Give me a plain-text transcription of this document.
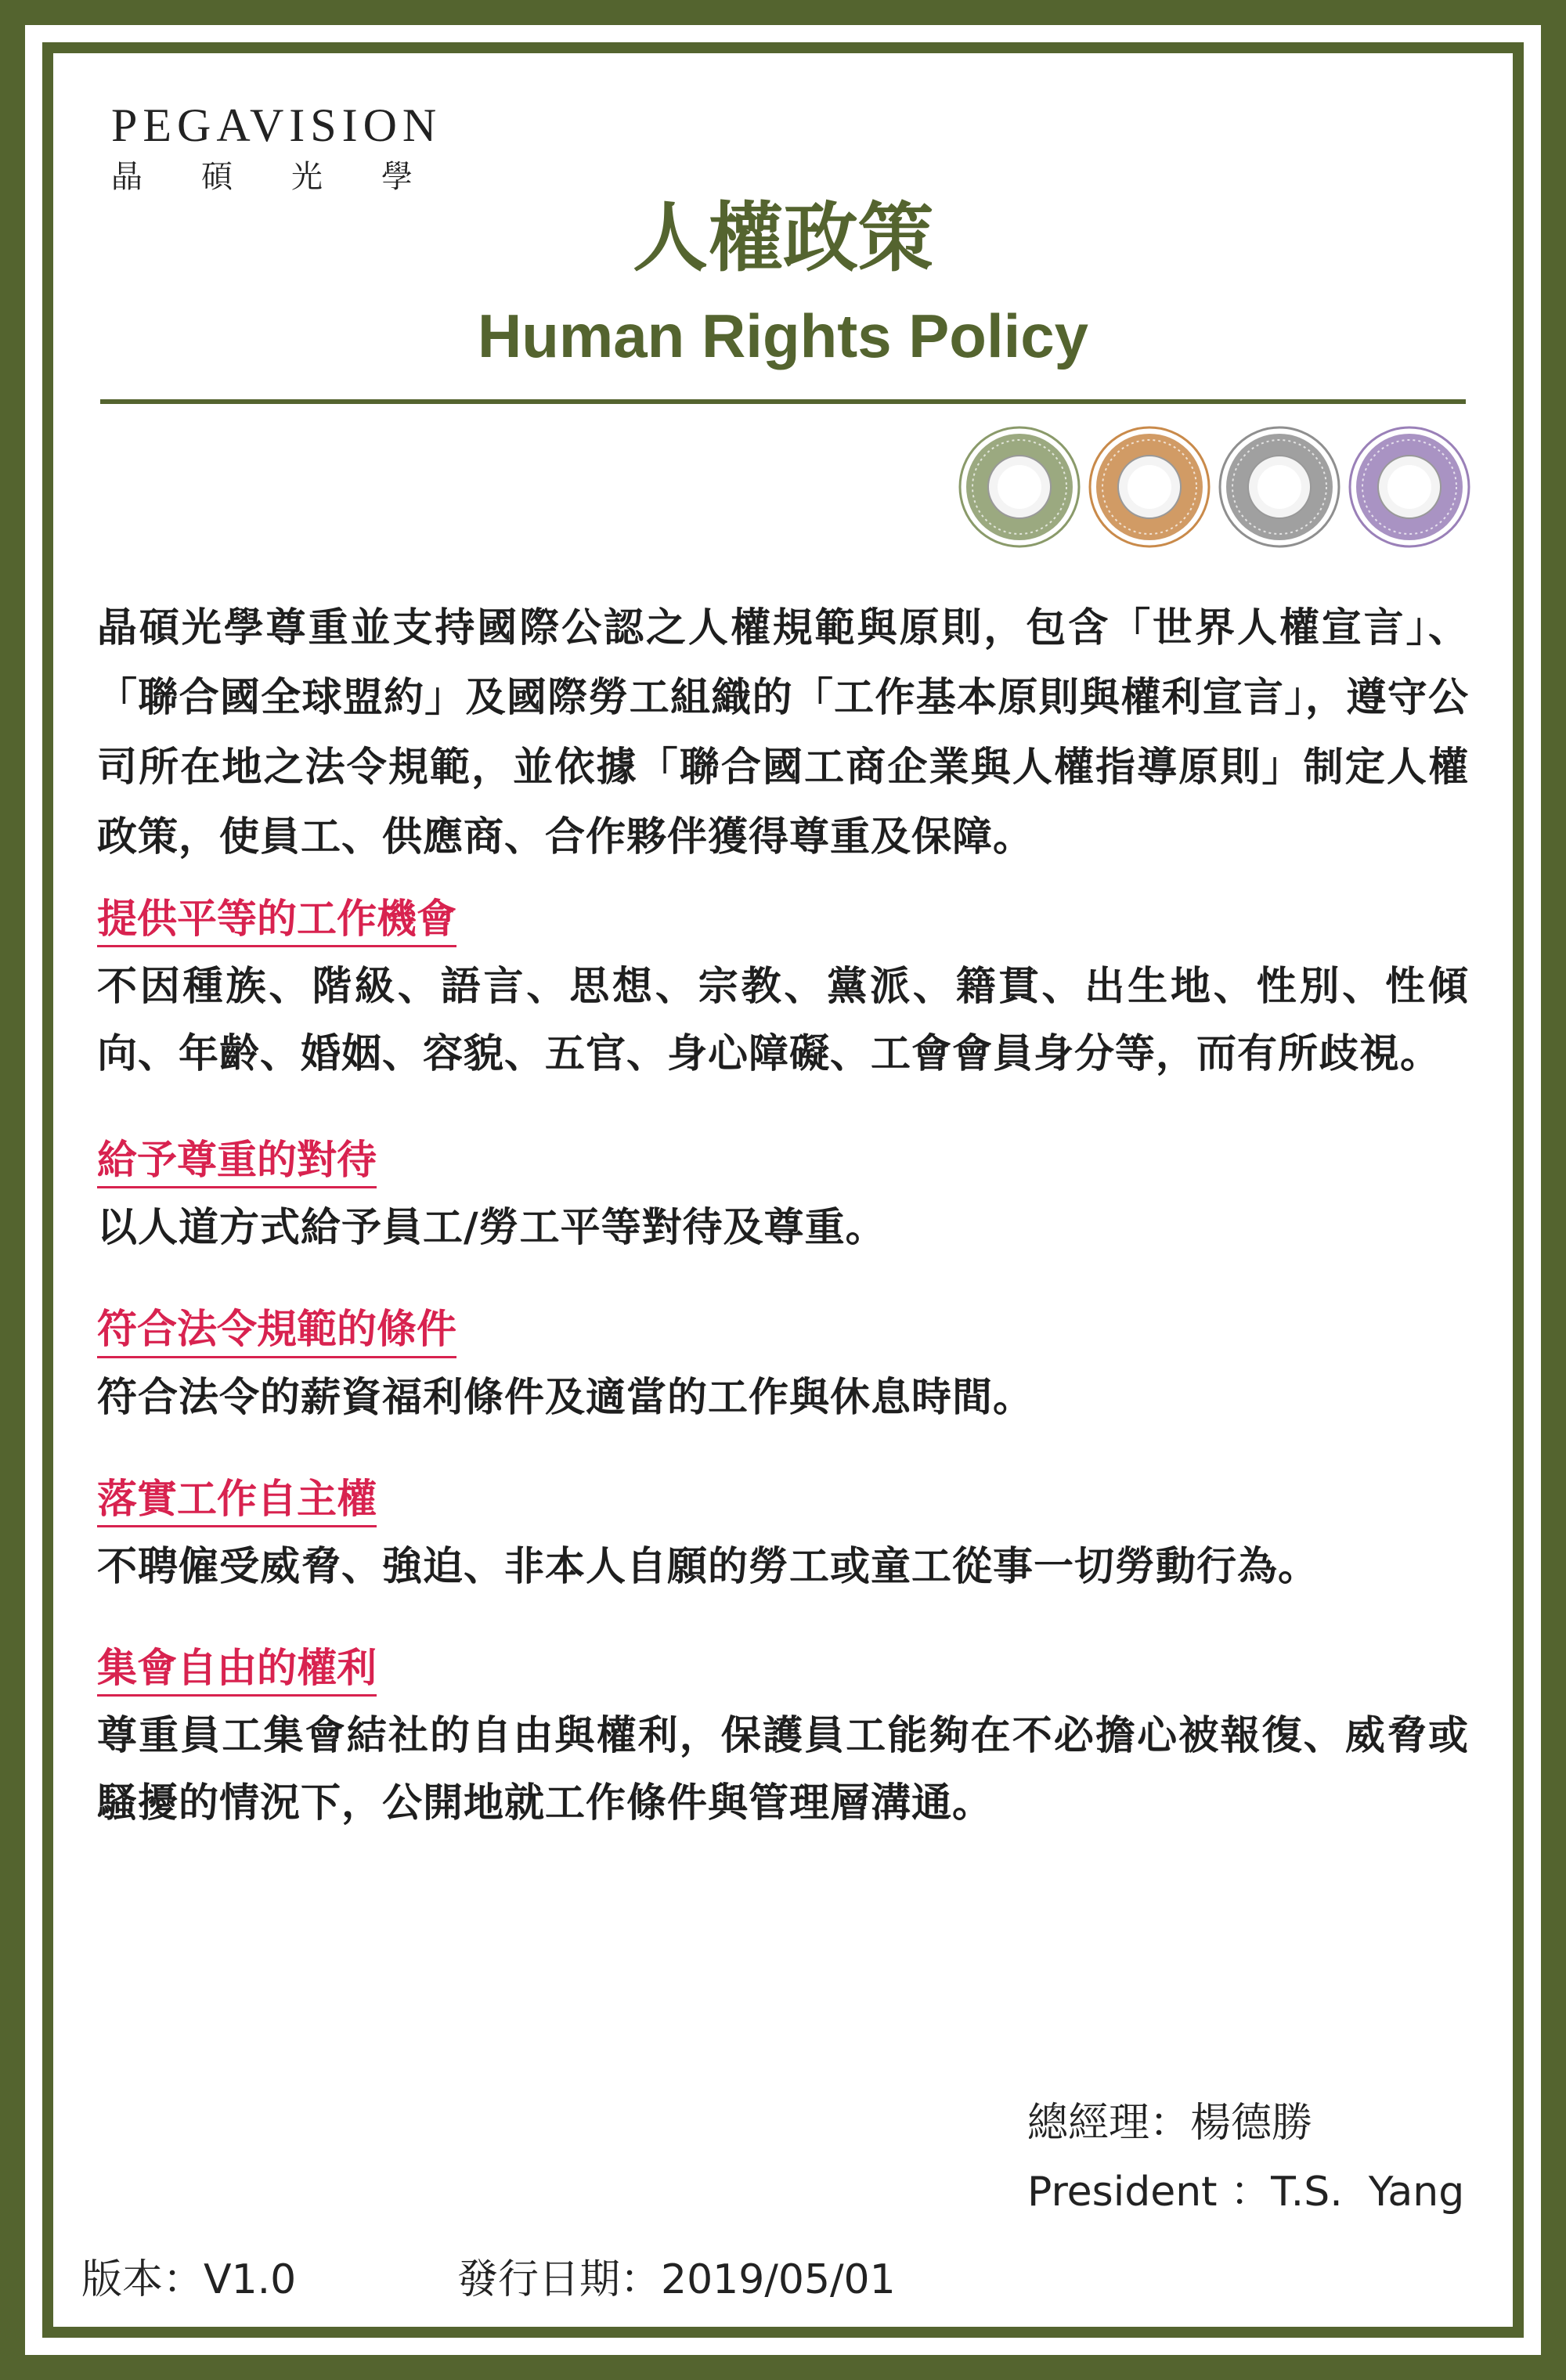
PEGAVISION
晶 碩 光 學
人權政策
Human Rights Policy

晶碩光學尊重並支持國際公認之人權規範與原則，包含「世界人權宣言」、「聯合國全球盟約」及國際勞工組織的「工作基本原則與權利宣言」，遵守公司所在地之法令規範，並依據「聯合國工商企業與人權指導原則」制定人權政策，使員工、供應商、合作夥伴獲得尊重及保障。

提供平等的工作機會

不因種族、階級、語言、思想、宗教、黨派、籍貫、出生地、性別、性傾向、年齡、婚姻、容貌、五官、身心障礙、工會會員身分等，而有所歧視。

給予尊重的對待

以人道方式給予員工/勞工平等對待及尊重。

符合法令規範的條件

符合法令的薪資福利條件及適當的工作與休息時間。

落實工作自主權

不聘僱受威脅、強迫、非本人自願的勞工或童工從事一切勞動行為。

集會自由的權利

尊重員工集會結社的自由與權利，保護員工能夠在不必擔心被報復、威脅或騷擾的情況下，公開地就工作條件與管理層溝通。

總經理：楊德勝
President ：T.S.  Yang
版本：V1.0	發行日期：2019/05/01
